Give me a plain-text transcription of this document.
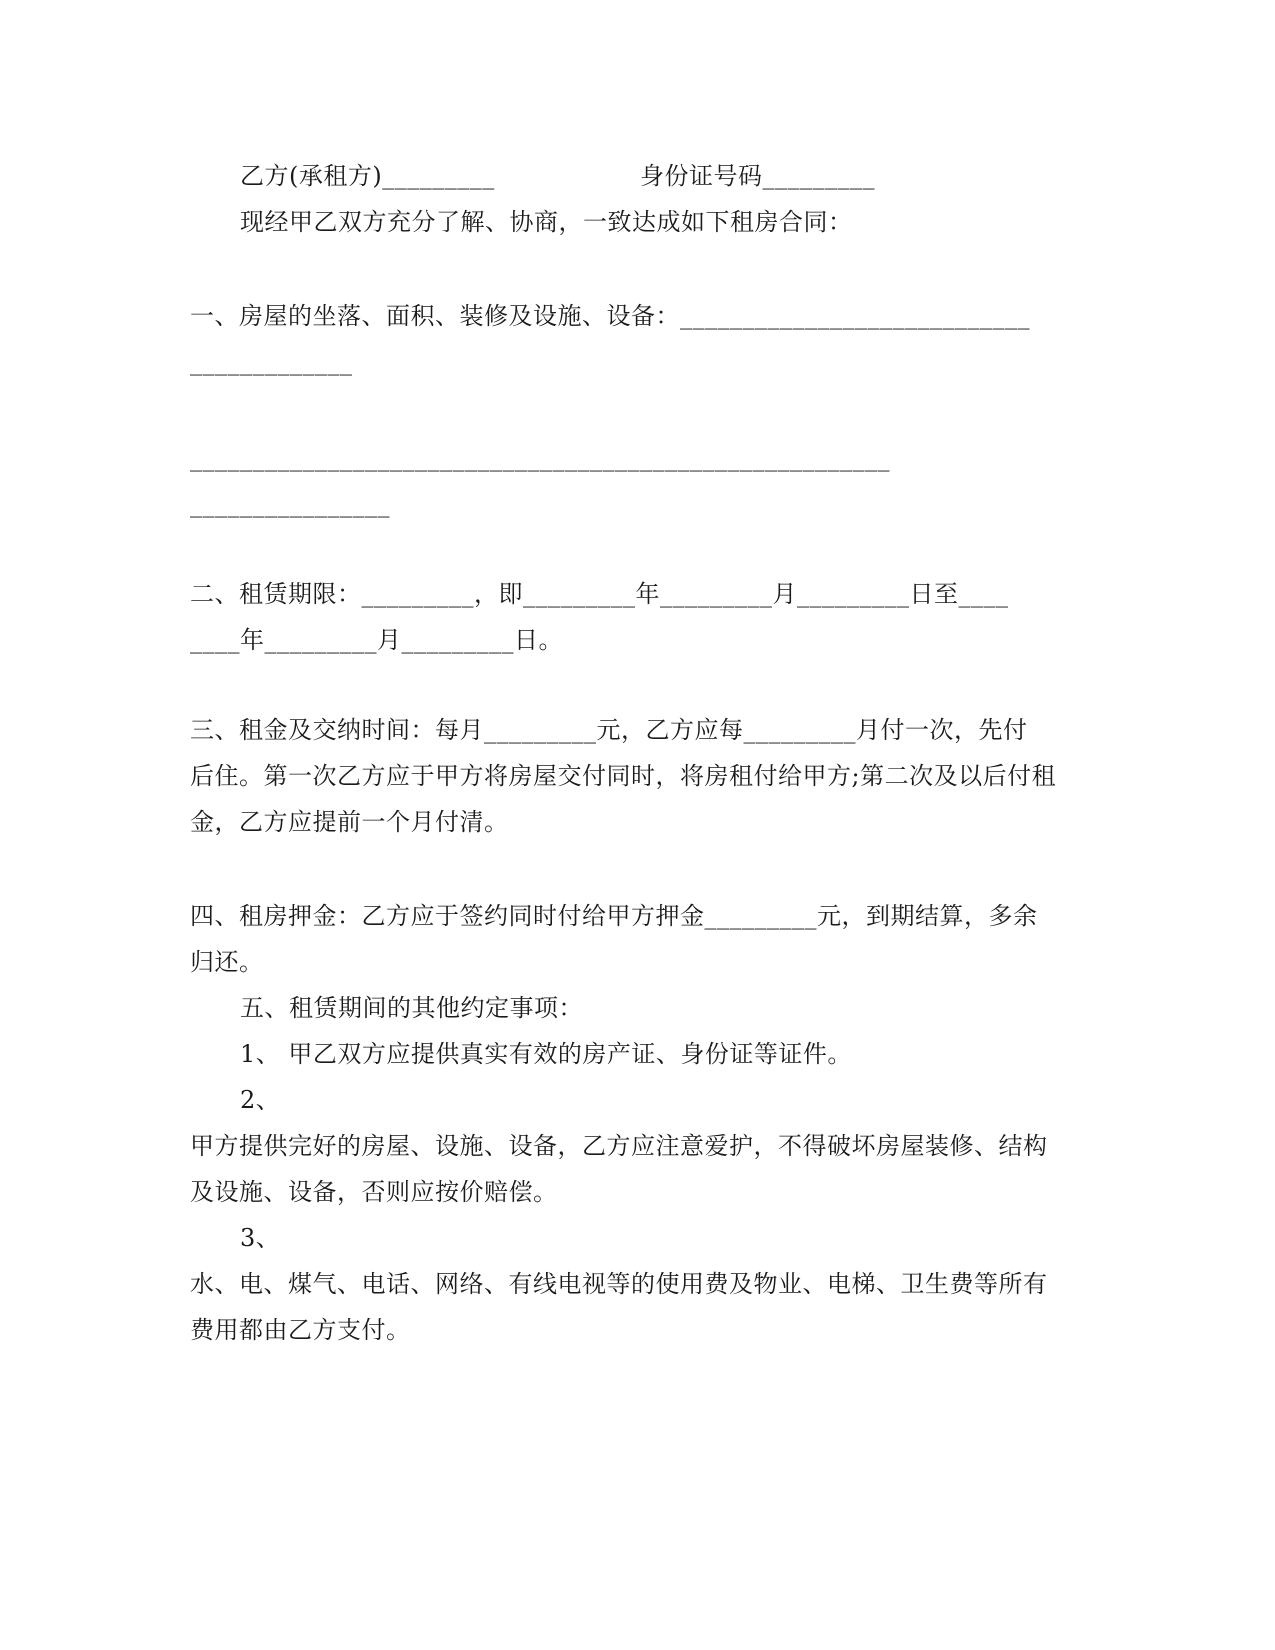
乙方(承租方)_________	身份证号码_________
现经甲乙双方充分了解、协商，一致达成如下租房合同：
一、房屋的坐落、面积、装修及设施、设备：____________________________
_____________
________________________________________________________
________________
二、租赁期限：_________，即_________年_________月_________日至____
____年_________月_________日。
三、租金及交纳时间：每月_________元，乙方应每_________月付一次，先付
后住。第一次乙方应于甲方将房屋交付同时，将房租付给甲方;第二次及以后付租
金，乙方应提前一个月付清。
四、租房押金：乙方应于签约同时付给甲方押金_________元，到期结算，多余
归还。
五、租赁期间的其他约定事项：
1、 甲乙双方应提供真实有效的房产证、身份证等证件。
2、
甲方提供完好的房屋、设施、设备，乙方应注意爱护，不得破坏房屋装修、结构
及设施、设备，否则应按价赔偿。
3、
水、电、煤气、电话、网络、有线电视等的使用费及物业、电梯、卫生费等所有
费用都由乙方支付。
